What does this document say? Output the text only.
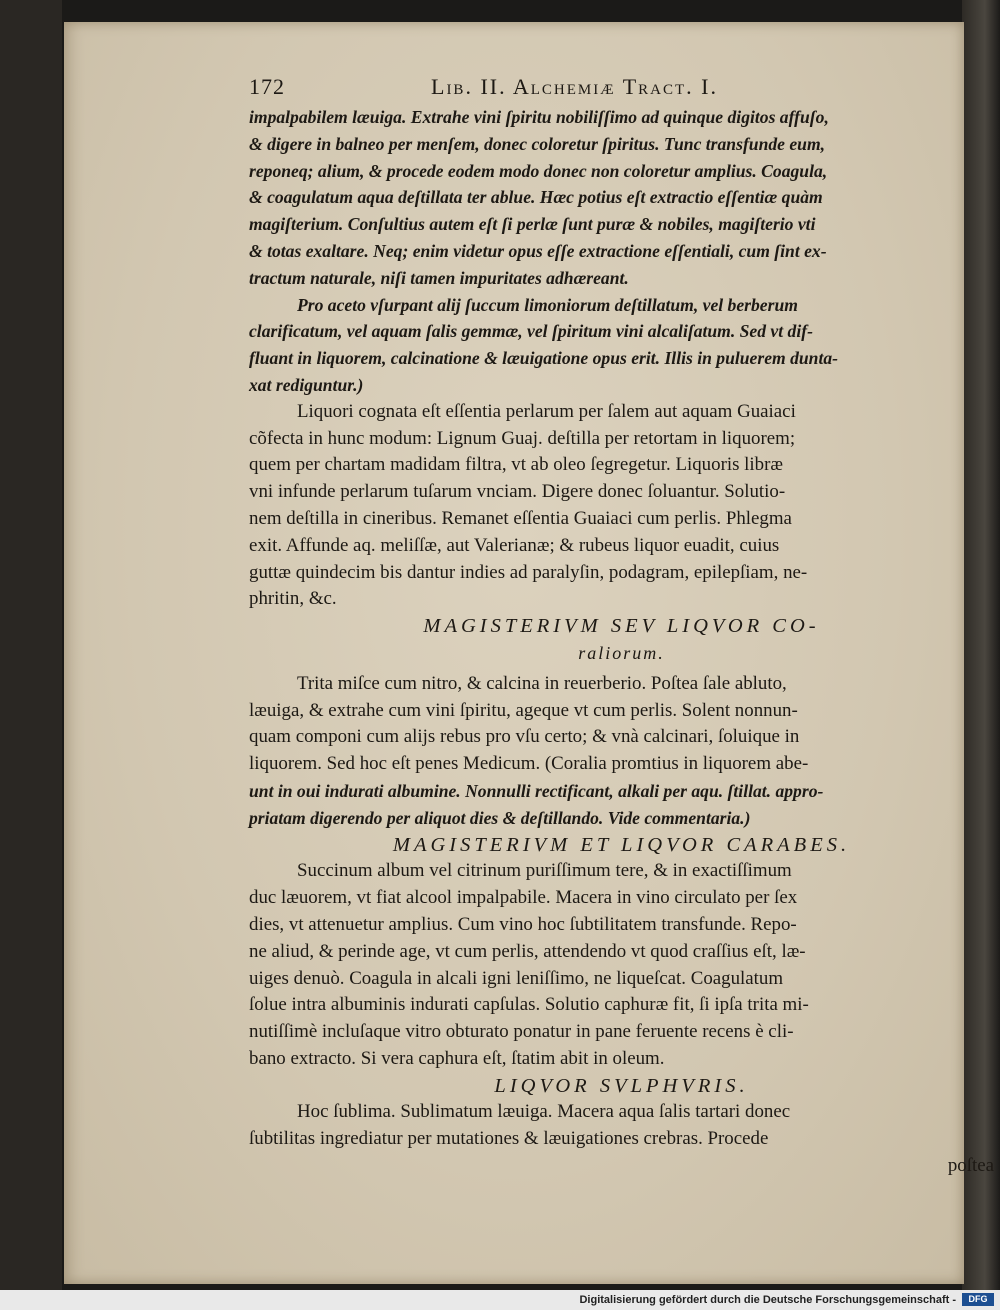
172	Lib. II. Alchemiæ Tract. I.
impalpabilem læuiga. Extrahe vini ſpiritu nobiliſſimo ad quinque digitos affuſo,
& digere in balneo per menſem, donec coloretur ſpiritus. Tunc transfunde eum,
reponeq; alium, & procede eodem modo donec non coloretur amplius. Coagula,
& coagulatum aqua deſtillata ter ablue. Hæc potius eſt extractio eſſentiæ quàm
magiſterium. Conſultius autem eſt ſi perlæ ſunt puræ & nobiles, magiſterio vti
& totas exaltare. Neq; enim videtur opus eſſe extractione eſſentiali, cum ſint ex-
tractum naturale, niſi tamen impuritates adhæreant.
Pro aceto vſurpant alij ſuccum limoniorum deſtillatum, vel berberum
clarificatum, vel aquam ſalis gemmæ, vel ſpiritum vini alcaliſatum. Sed vt dif-
fluant in liquorem, calcinatione & læuigatione opus erit. Illis in puluerem dunta-
xat rediguntur.)
Liquori cognata eſt eſſentia perlarum per ſalem aut aquam Guaiaci
cõfecta in hunc modum: Lignum Guaj. deſtilla per retortam in liquorem;
quem per chartam madidam filtra, vt ab oleo ſegregetur. Liquoris libræ
vni infunde perlarum tuſarum vnciam. Digere donec ſoluantur. Solutio-
nem deſtilla in cineribus. Remanet eſſentia Guaiaci cum perlis. Phlegma
exit. Affunde aq. meliſſæ, aut Valerianæ; & rubeus liquor euadit, cuius
guttæ quindecim bis dantur indies ad paralyſin, podagram, epilepſiam, ne-
phritin, &c.
MAGISTERIVM SEV LIQVOR CO-
raliorum.
Trita miſce cum nitro, & calcina in reuerberio. Poſtea ſale abluto,
læuiga, & extrahe cum vini ſpiritu, ageque vt cum perlis. Solent nonnun-
quam componi cum alijs rebus pro vſu certo; & vnà calcinari, ſoluique in
liquorem. Sed hoc eſt penes Medicum. (Coralia promtius in liquorem abe-
unt in oui indurati albumine. Nonnulli rectificant, alkali per aqu. ſtillat. appro-
priatam digerendo per aliquot dies & deſtillando. Vide commentaria.)
MAGISTERIVM ET LIQVOR CARABES.
Succinum album vel citrinum puriſſimum tere, & in exactiſſimum
duc læuorem, vt fiat alcool impalpabile. Macera in vino circulato per ſex
dies, vt attenuetur amplius. Cum vino hoc ſubtilitatem transfunde. Repo-
ne aliud, & perinde age, vt cum perlis, attendendo vt quod craſſius eſt, læ-
uiges denuò. Coagula in alcali igni leniſſimo, ne liqueſcat. Coagulatum
ſolue intra albuminis indurati capſulas. Solutio caphuræ fit, ſi ipſa trita mi-
nutiſſimè incluſaque vitro obturato ponatur in pane feruente recens è cli-
bano extracto. Si vera caphura eſt, ſtatim abit in oleum.
LIQVOR SVLPHVRIS.
Hoc ſublima. Sublimatum læuiga. Macera aqua ſalis tartari donec
ſubtilitas ingrediatur per mutationes & læuigationes crebras. Procede
poſtea
Digitalisierung gefördert durch die Deutsche Forschungsgemeinschaft -	DFG
